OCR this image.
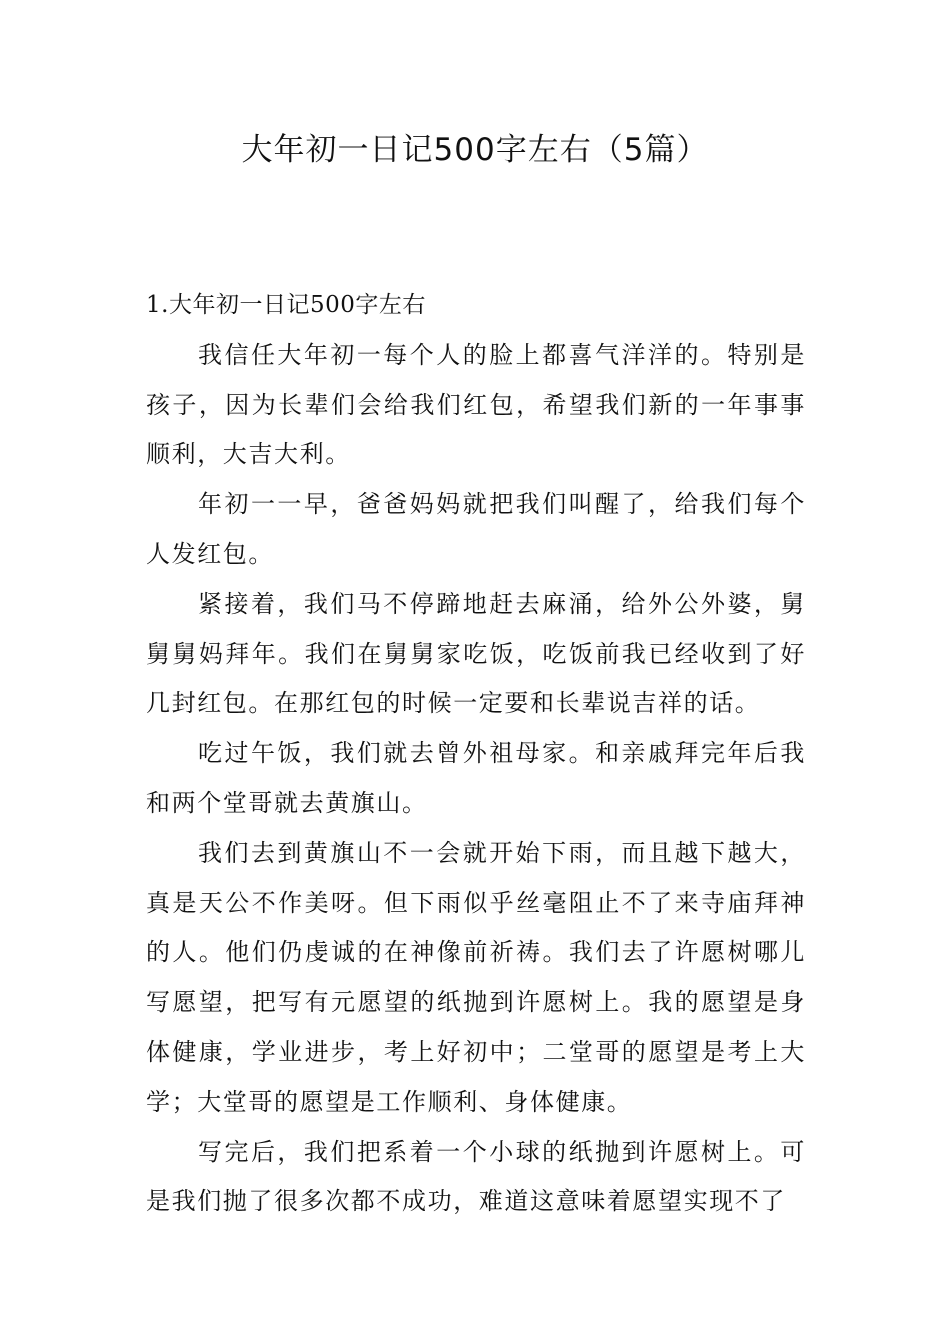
大年初一日记500字左右（5篇）

1.大年初一日记500字左右

我信任大年初一每个人的脸上都喜气洋洋的。特别是孩子，因为长辈们会给我们红包，希望我们新的一年事事顺利，大吉大利。

年初一一早，爸爸妈妈就把我们叫醒了，给我们每个人发红包。

紧接着，我们马不停蹄地赶去麻涌，给外公外婆，舅舅舅妈拜年。我们在舅舅家吃饭，吃饭前我已经收到了好几封红包。在那红包的时候一定要和长辈说吉祥的话。

吃过午饭，我们就去曾外祖母家。和亲戚拜完年后我和两个堂哥就去黄旗山。

我们去到黄旗山不一会就开始下雨，而且越下越大，真是天公不作美呀。但下雨似乎丝毫阻止不了来寺庙拜神的人。他们仍虔诚的在神像前祈祷。我们去了许愿树哪儿写愿望，把写有元愿望的纸抛到许愿树上。我的愿望是身体健康，学业进步，考上好初中；二堂哥的愿望是考上大学；大堂哥的愿望是工作顺利、身体健康。

写完后，我们把系着一个小球的纸抛到许愿树上。可是我们抛了很多次都不成功，难道这意味着愿望实现不了
